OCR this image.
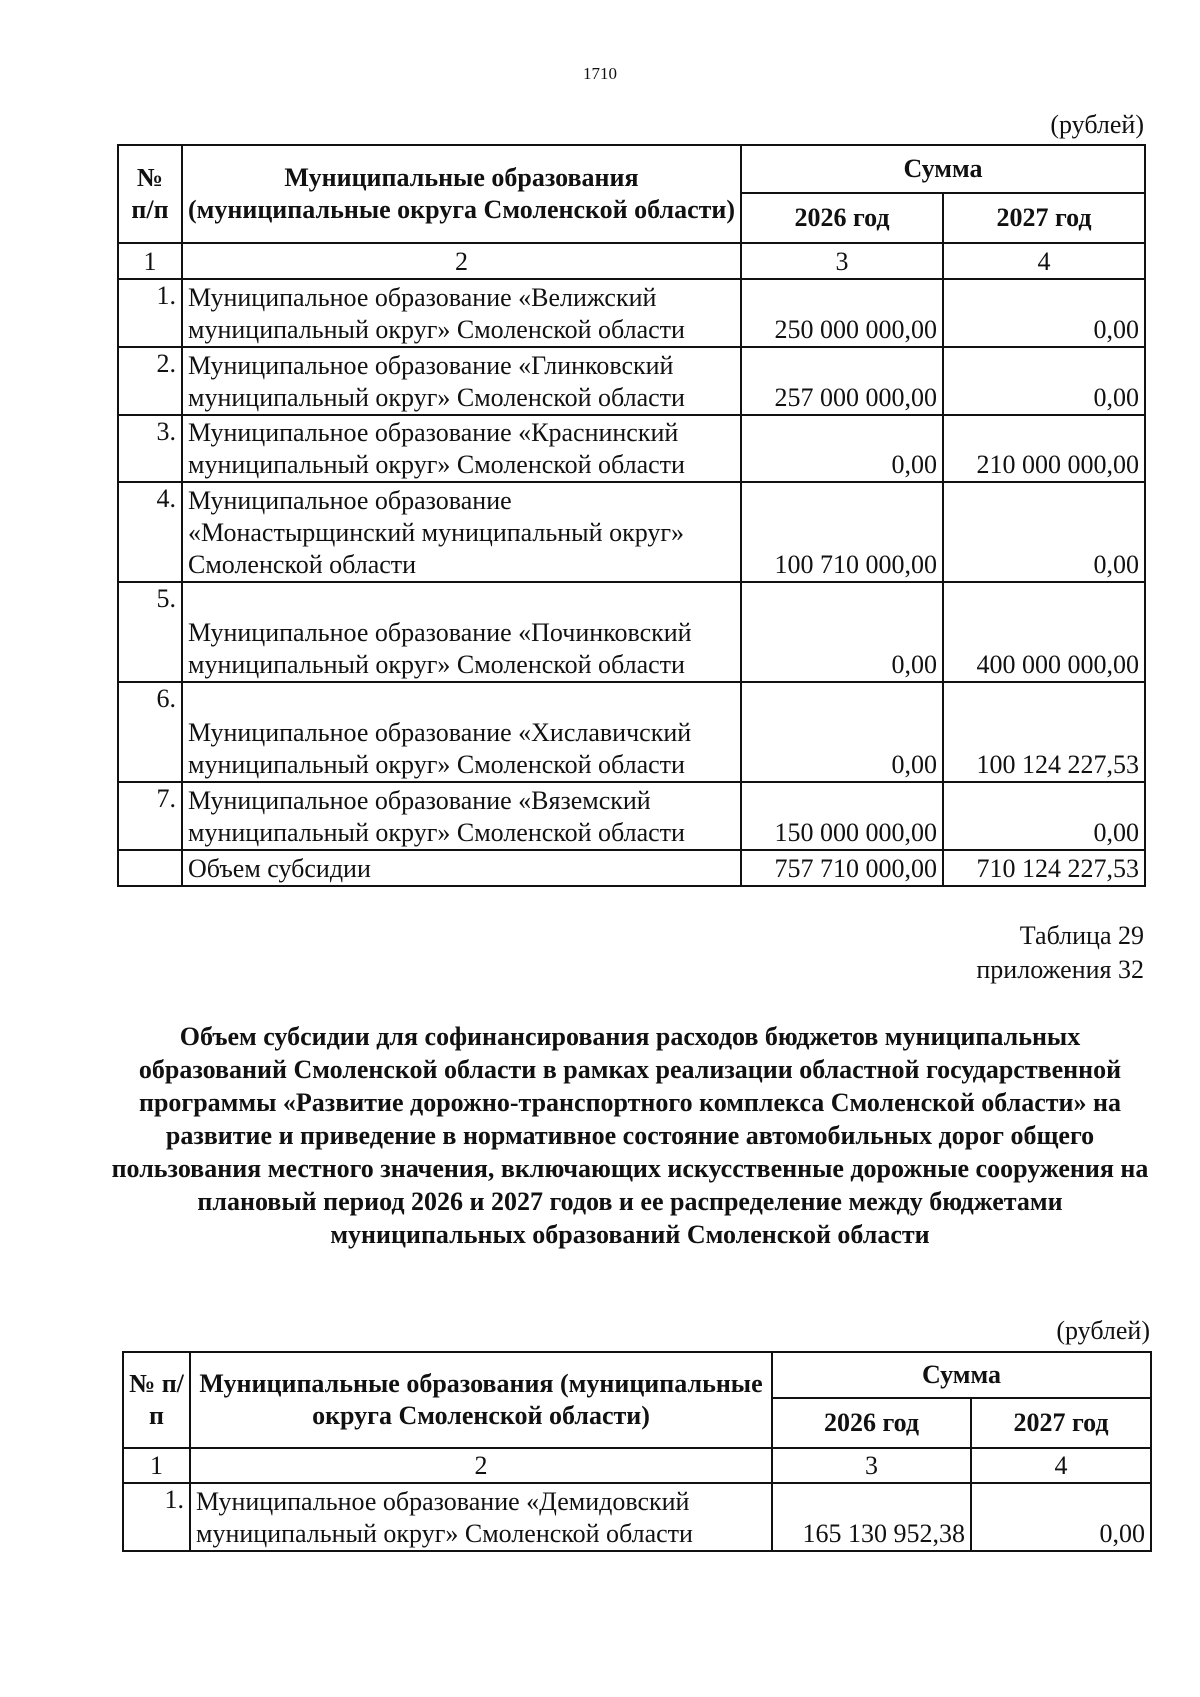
1710
(рублей)
№ п/п	Муниципальные образования (муниципальные округа Смоленской области)	Сумма	
		2026 год	2027 год
1	2	3	4
1.	Муниципальное образование «Велижский муниципальный округ» Смоленской области	250 000 000,00	0,00
2.	Муниципальное образование «Глинковский муниципальный округ» Смоленской области	257 000 000,00	0,00
3.	Муниципальное образование «Краснинский муниципальный округ» Смоленской области	0,00	210 000 000,00
4.	Муниципальное образование «Монастырщинский муниципальный округ» Смоленской области	100 710 000,00	0,00
5.	Муниципальное образование «Починковский муниципальный округ» Смоленской области	0,00	400 000 000,00
6.	Муниципальное образование «Хиславичский муниципальный округ» Смоленской области	0,00	100 124 227,53
7.	Муниципальное образование «Вяземский муниципальный округ» Смоленской области	150 000 000,00	0,00
	Объем субсидии	757 710 000,00	710 124 227,53
Таблица 29
приложения 32
Объем субсидии для софинансирования расходов бюджетов муниципальных образований Смоленской области в рамках реализации областной государственной программы «Развитие дорожно-транспортного комплекса Смоленской области» на развитие и приведение в нормативное состояние автомобильных дорог общего пользования местного значения, включающих искусственные дорожные сооружения на плановый период 2026 и 2027 годов и ее распределение между бюджетами муниципальных образований Смоленской области
(рублей)
№ п/п	Муниципальные образования (муниципальные округа Смоленской области)	Сумма	
		2026 год	2027 год
1	2	3	4
1.	Муниципальное образование «Демидовский муниципальный округ» Смоленской области	165 130 952,38	0,00
